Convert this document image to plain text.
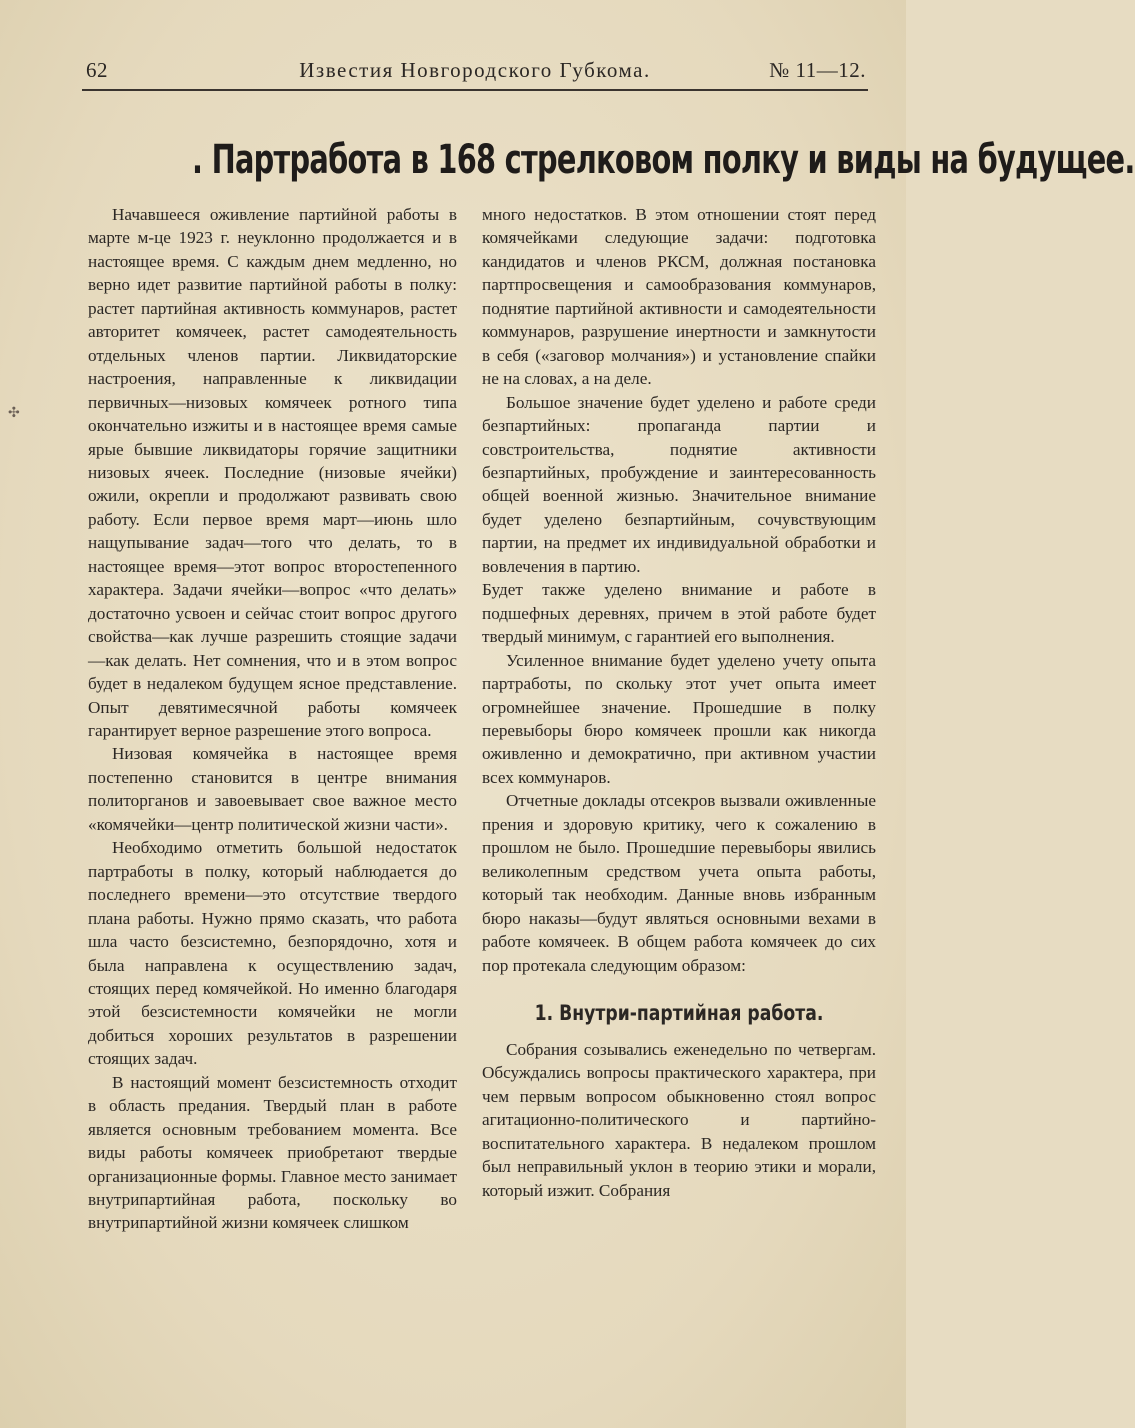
62	Известия Новгородского Губкома.	№ 11—12.
✣
. Партработа в 168 стрелковом полку и виды на будущее.

Начавшееся оживление партийной работы в марте м-це 1923 г. неуклонно продолжается и в настоящее время. С каждым днем медленно, но верно идет развитие партийной работы в полку: растет партийная активность коммунаров, растет авторитет комячеек, растет самодеятельность отдельных членов партии. Ликвидаторские настроения, направленные к ликвидации первичных—низовых комячеек ротного типа окончательно изжиты и в настоящее время самые ярые бывшие ликвидаторы горячие защитники низовых ячеек. Последние (низовые ячейки) ожили, окрепли и продолжают развивать свою работу. Если первое время март—июнь шло нащупывание задач—того что делать, то в настоящее время—этот вопрос второстепенного характера. Задачи ячейки—вопрос «что делать» достаточно усвоен и сейчас стоит вопрос другого свойства—как лучше разрешить стоящие задачи—как делать. Нет сомнения, что и в этом вопрос будет в недалеком будущем ясное представление. Опыт девятимесячной работы комячеек гарантирует верное разрешение этого вопроса.

Низовая комячейка в настоящее время постепенно становится в центре внимания политорганов и завоевывает свое важное место «комячейки—центр политической жизни части».

Необходимо отметить большой недостаток партработы в полку, который наблюдается до последнего времени—это отсутствие твердого плана работы. Нужно прямо сказать, что работа шла часто безсистемно, безпорядочно, хотя и была направлена к осуществлению задач, стоящих перед комячейкой. Но именно благодаря этой безсистемности комячейки не могли добиться хороших результатов в разрешении стоящих задач.

В настоящий момент безсистемность отходит в область предания. Твердый план в работе является основным требованием момента. Все виды работы комячеек приобретают твердые организационные формы. Главное место занимает внутрипартийная работа, поскольку во внутрипартийной жизни комячеек слишком

много недостатков. В этом отношении стоят перед комячейками следующие задачи: подготовка кандидатов и членов РКСМ, должная постановка партпросвещения и самообразования коммунаров, поднятие партийной активности и самодеятельности коммунаров, разрушение инертности и замкнутости в себя («заговор молчания») и установление спайки не на словах, а на деле.

Большое значение будет уделено и работе среди безпартийных: пропаганда партии и совстроительства, поднятие активности безпартийных, пробуждение и заинтересованность общей военной жизнью. Значительное внимание будет уделено безпартийным, сочувствующим партии, на предмет их индивидуальной обработки и вовлечения в партию.

Будет также уделено внимание и работе в подшефных деревнях, причем в этой работе будет твердый минимум, с гарантией его выполнения.

Усиленное внимание будет уделено учету опыта партработы, по скольку этот учет опыта имеет огромнейшее значение. Прошедшие в полку перевыборы бюро комячеек прошли как никогда оживленно и демократично, при активном участии всех коммунаров.

Отчетные доклады отсекров вызвали оживленные прения и здоровую критику, чего к сожалению в прошлом не было. Прошедшие перевыборы явились великолепным средством учета опыта работы, который так необходим. Данные вновь избранным бюро наказы—будут являться основными вехами в работе комячеек. В общем работа комячеек до сих пор протекала следующим образом:

1. Внутри-партийная работа.

Собрания созывались еженедельно по четвергам. Обсуждались вопросы практического характера, при чем первым вопросом обыкновенно стоял вопрос агитационно-политического и партийно-воспитательного характера. В недалеком прошлом был неправильный уклон в теорию этики и морали, который изжит. Собрания
